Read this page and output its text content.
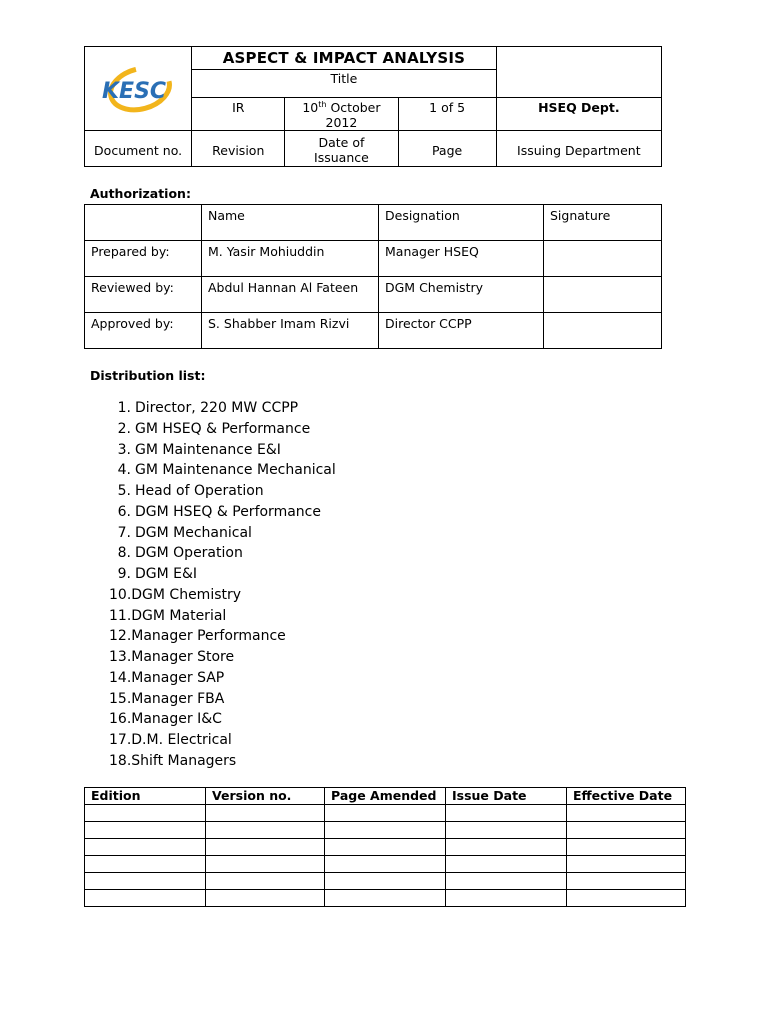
KESC	ASPECT & IMPACT ANALYSIS			
	Title			
	IR	10th October 2012	1 of 5	HSEQ Dept.
Document no.	Revision	Date of Issuance	Page	Issuing Department
Authorization:
	Name	Designation	Signature
Prepared by:	M. Yasir Mohiuddin	Manager HSEQ	
Reviewed by:	Abdul Hannan Al Fateen	DGM Chemistry	
Approved by:	S. Shabber Imam Rizvi	Director CCPP	
Distribution list:
1. Director, 220 MW CCPP
2. GM HSEQ & Performance
3. GM Maintenance E&I
4. GM Maintenance Mechanical
5. Head of Operation
6. DGM HSEQ & Performance
7. DGM Mechanical
8. DGM Operation
9. DGM E&I
10.DGM Chemistry
11.DGM Material
12.Manager Performance
13.Manager Store
14.Manager SAP
15.Manager FBA
16.Manager I&C
17.D.M. Electrical
18.Shift Managers
Edition	Version no.	Page Amended	Issue Date	Effective Date
